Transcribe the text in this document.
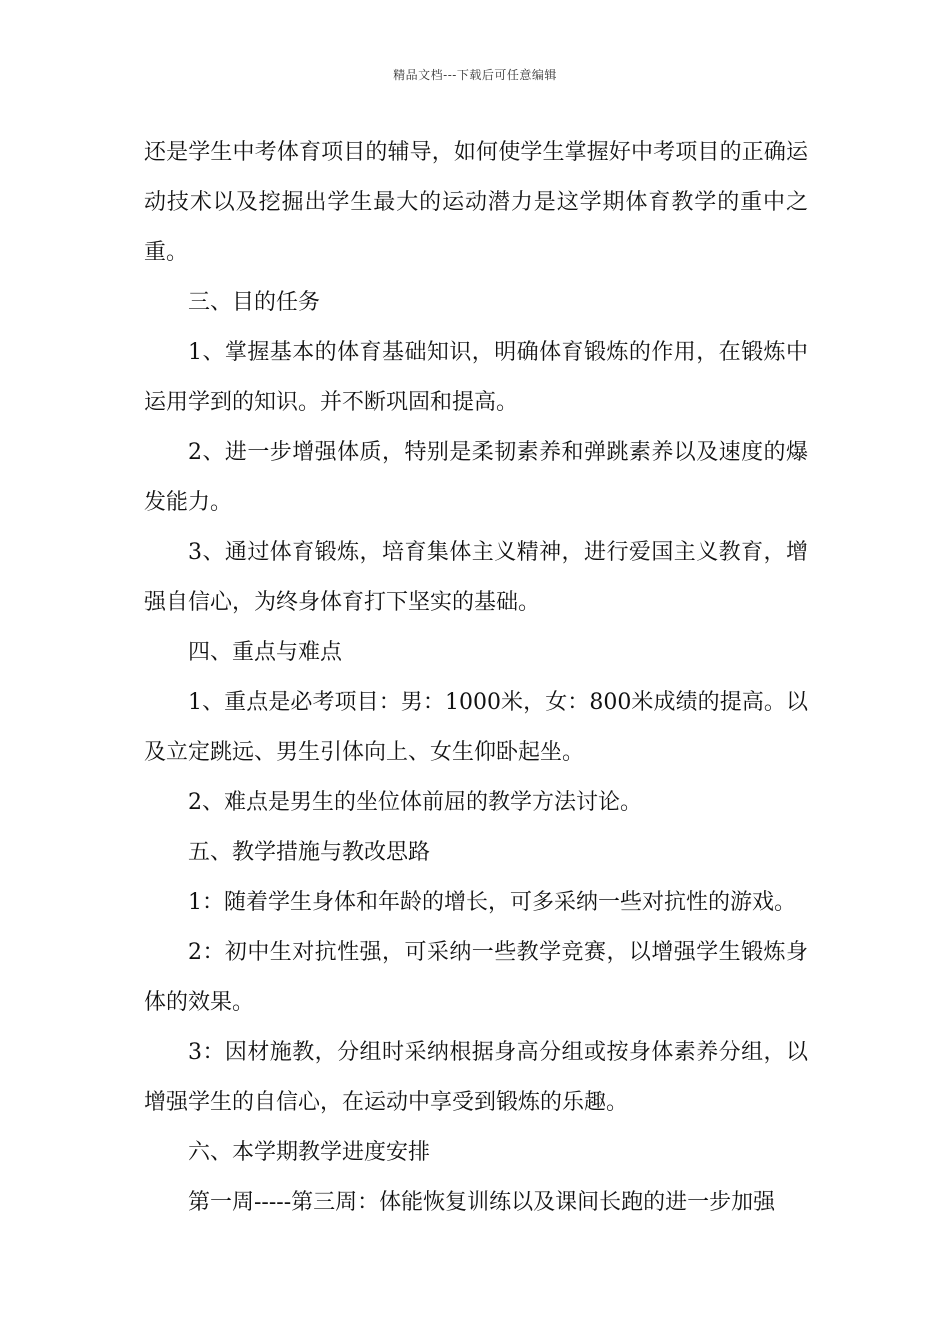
精品文档---下载后可任意编辑

还是学生中考体育项目的辅导，如何使学生掌握好中考项目的正确运动技术以及挖掘出学生最大的运动潜力是这学期体育教学的重中之重。

三、目的任务

1、掌握基本的体育基础知识，明确体育锻炼的作用，在锻炼中运用学到的知识。并不断巩固和提高。

2、进一步增强体质，特别是柔韧素养和弹跳素养以及速度的爆发能力。

3、通过体育锻炼，培育集体主义精神，进行爱国主义教育，增强自信心，为终身体育打下坚实的基础。

四、重点与难点

1、重点是必考项目：男：1000米，女：800米成绩的提高。以及立定跳远、男生引体向上、女生仰卧起坐。

2、难点是男生的坐位体前屈的教学方法讨论。

五、教学措施与教改思路

1：随着学生身体和年龄的增长，可多采纳一些对抗性的游戏。

2：初中生对抗性强，可采纳一些教学竞赛，以增强学生锻炼身体的效果。

3：因材施教，分组时采纳根据身高分组或按身体素养分组，以增强学生的自信心，在运动中享受到锻炼的乐趣。

六、本学期教学进度安排

第一周-----第三周：体能恢复训练以及课间长跑的进一步加强
